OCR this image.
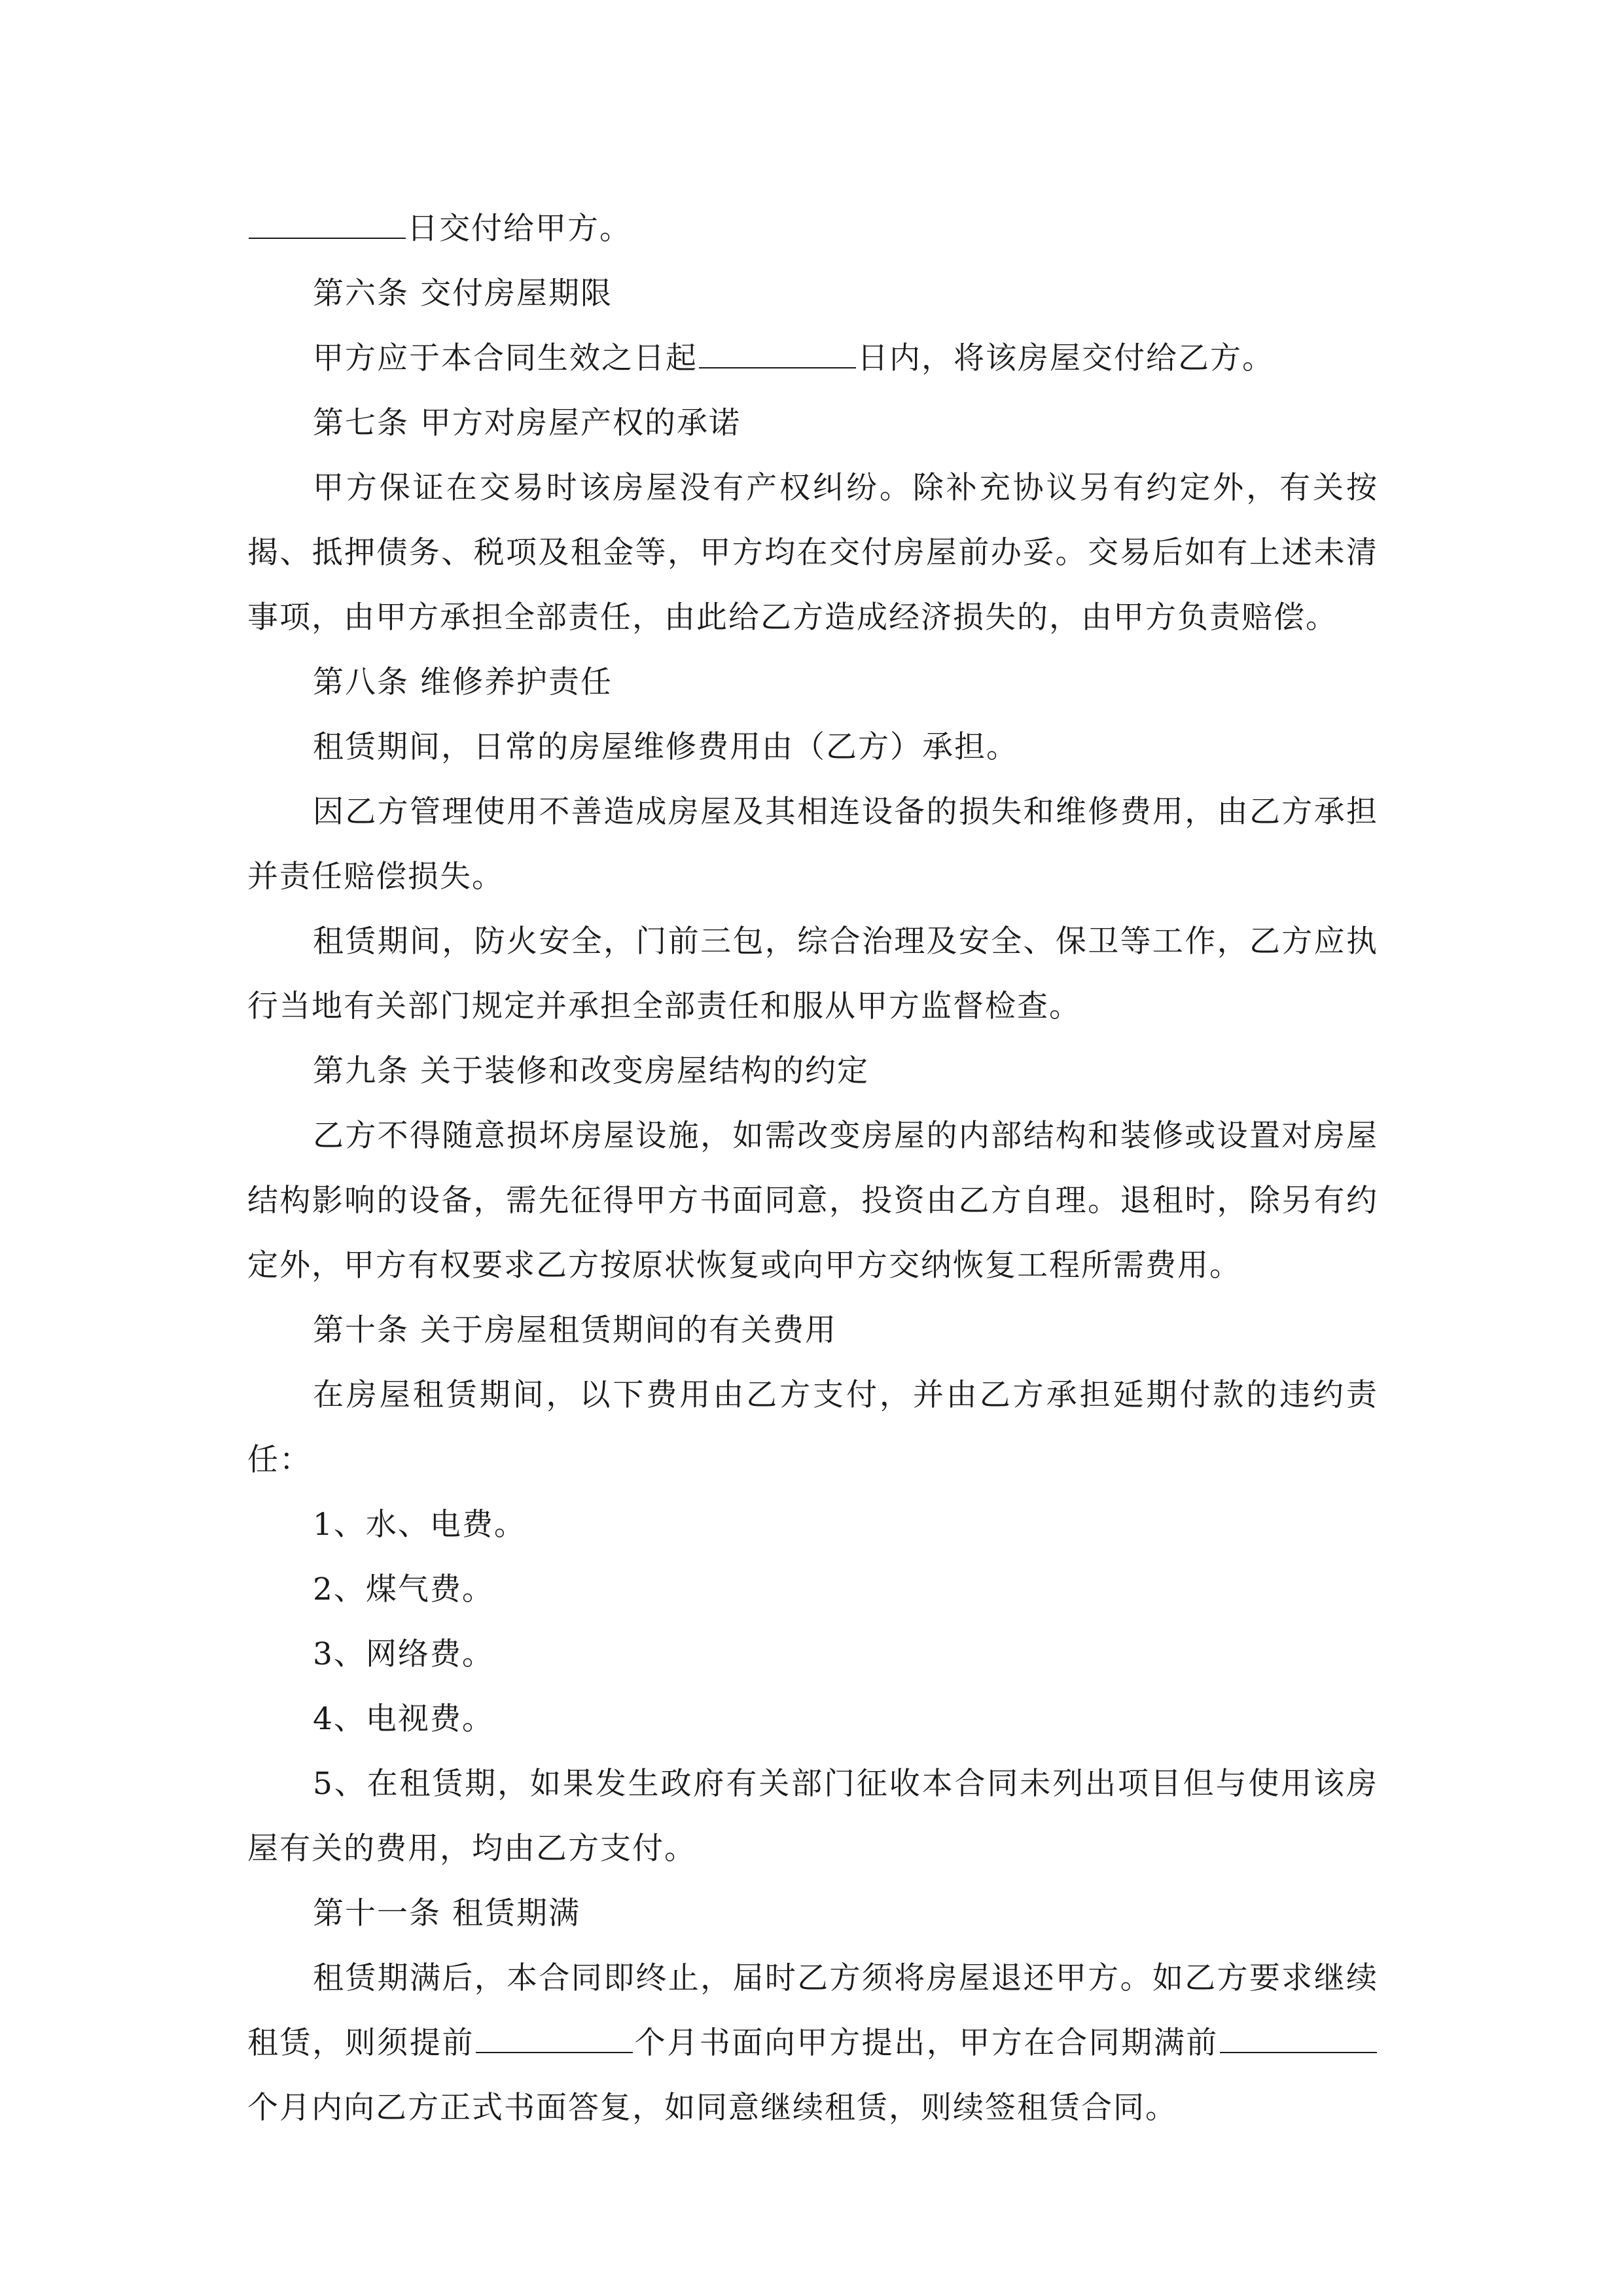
日交付给甲方。

第六条 交付房屋期限

甲方应于本合同生效之日起	日内，将该房屋交付给乙方。

第七条 甲方对房屋产权的承诺

甲方保证在交易时该房屋没有产权纠纷。除补充协议另有约定外，有关按揭、抵押债务、税项及租金等，甲方均在交付房屋前办妥。交易后如有上述未清事项，由甲方承担全部责任，由此给乙方造成经济损失的，由甲方负责赔偿。

第八条 维修养护责任

租赁期间，日常的房屋维修费用由（乙方）承担。

因乙方管理使用不善造成房屋及其相连设备的损失和维修费用，由乙方承担并责任赔偿损失。

租赁期间，防火安全，门前三包，综合治理及安全、保卫等工作，乙方应执行当地有关部门规定并承担全部责任和服从甲方监督检查。

第九条 关于装修和改变房屋结构的约定

乙方不得随意损坏房屋设施，如需改变房屋的内部结构和装修或设置对房屋结构影响的设备，需先征得甲方书面同意，投资由乙方自理。退租时，除另有约定外，甲方有权要求乙方按原状恢复或向甲方交纳恢复工程所需费用。

第十条 关于房屋租赁期间的有关费用

在房屋租赁期间，以下费用由乙方支付，并由乙方承担延期付款的违约责任：

1、水、电费。

2、煤气费。

3、网络费。

4、电视费。

5、在租赁期，如果发生政府有关部门征收本合同未列出项目但与使用该房屋有关的费用，均由乙方支付。

第十一条 租赁期满

租赁期满后，本合同即终止，届时乙方须将房屋退还甲方。如乙方要求继续租赁，则须提前	个月书面向甲方提出，甲方在合同期满前个月内向乙方正式书面答复，如同意继续租赁，则续签租赁合同。
